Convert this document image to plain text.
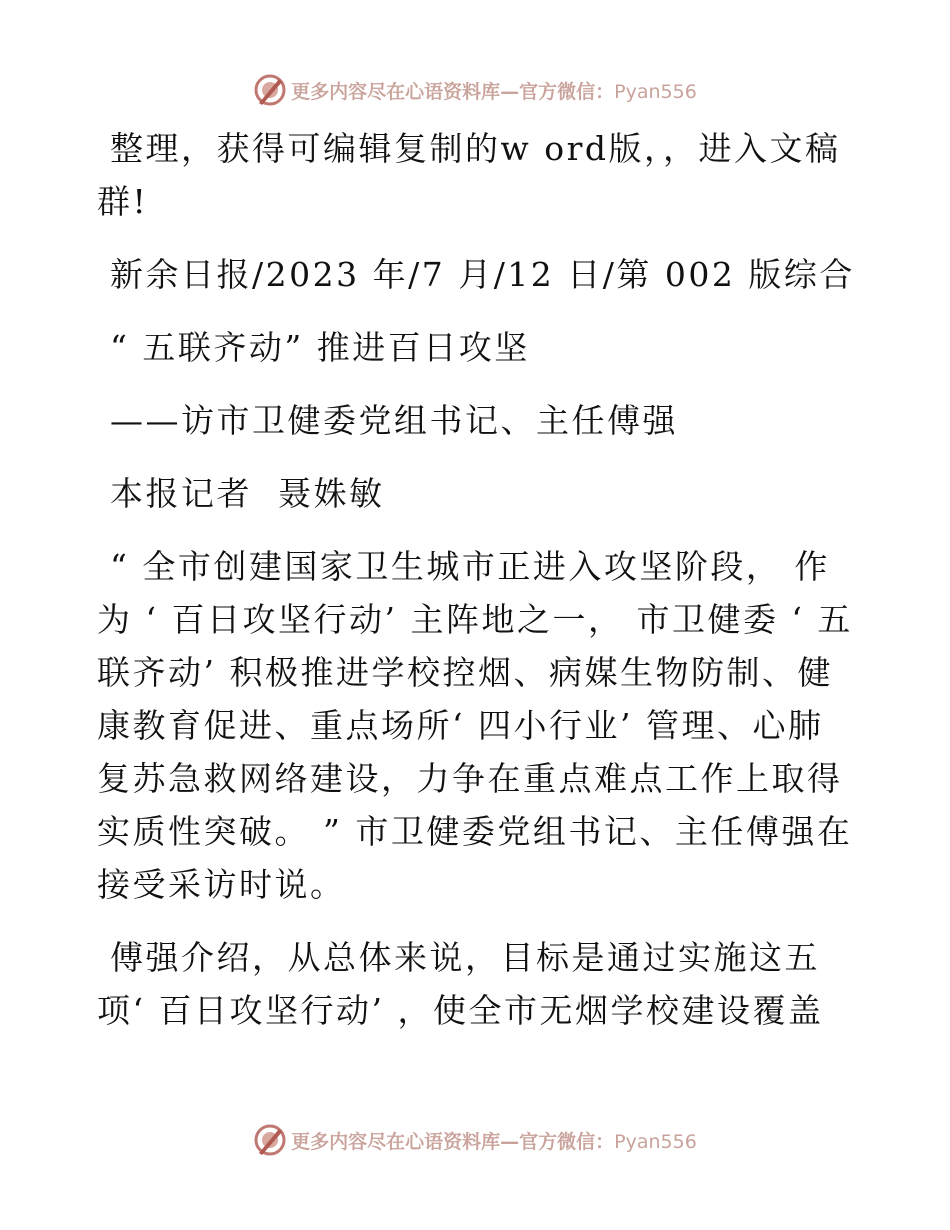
更多内容尽在心语资料库—官方微信：Pyan556
整理，获得可编辑复制的w ord版，，进入文稿群!
新余日报/2023 年/7 月/12 日/第 002 版综合
“ 五联齐动” 推进百日攻坚
——访市卫健委党组书记、主任傅强
本报记者  聂姝敏
“ 全市创建国家卫生城市正进入攻坚阶段， 作为 ‘ 百日攻坚行动’ 主阵地之一， 市卫健委 ‘ 五联齐动’ 积极推进学校控烟、病媒生物防制、健康教育促进、重点场所‘ 四小行业’ 管理、心肺复苏急救网络建设，力争在重点难点工作上取得实质性突破。 ” 市卫健委党组书记、主任傅强在接受采访时说。
傅强介绍，从总体来说，目标是通过实施这五项‘ 百日攻坚行动’ ，使全市无烟学校建设覆盖
更多内容尽在心语资料库—官方微信：Pyan556
